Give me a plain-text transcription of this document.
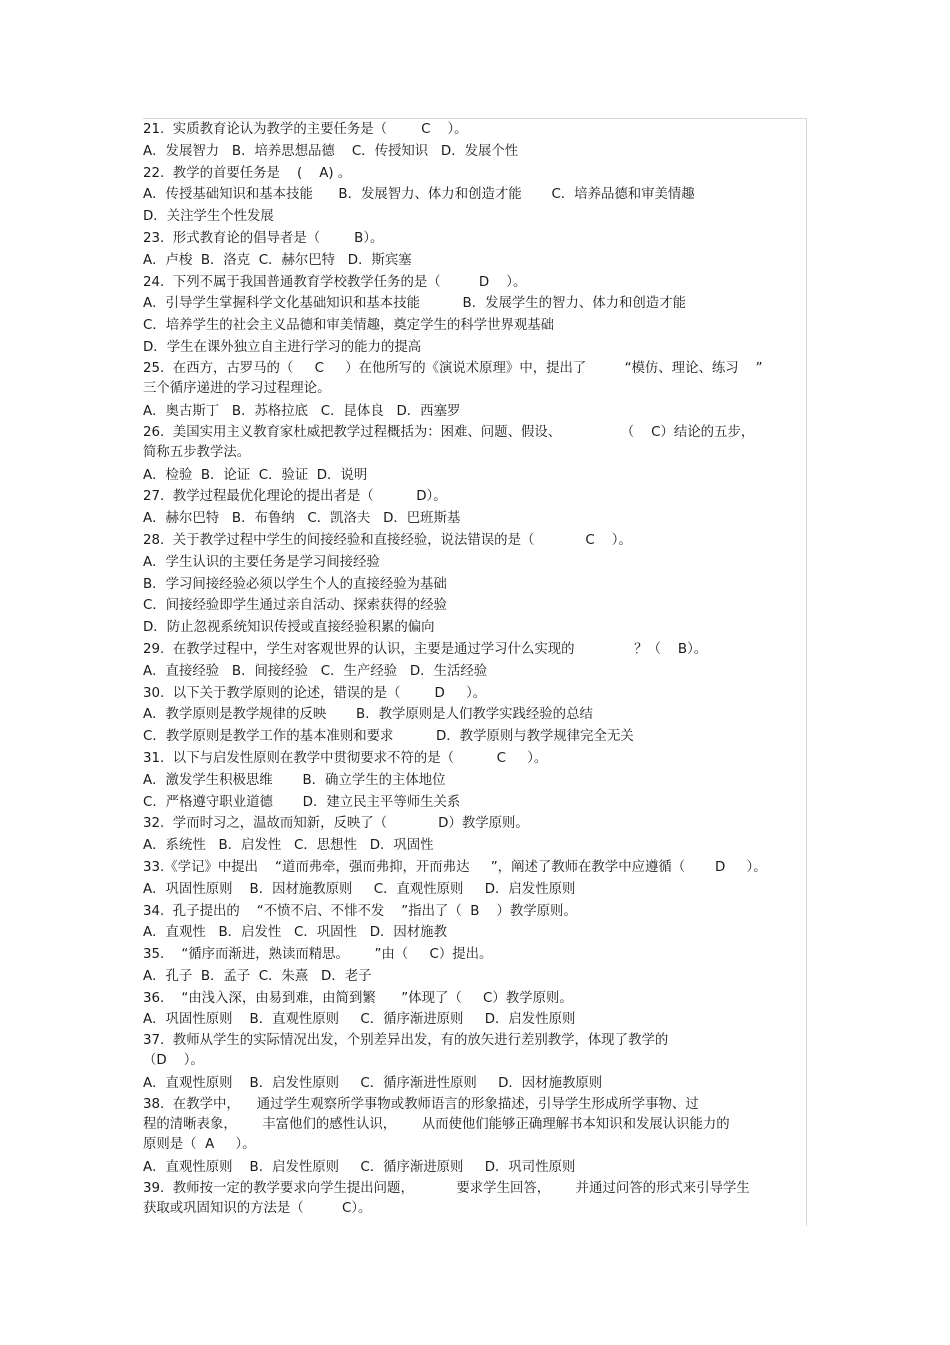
21.  实质教育论认为教学的主要任务是（        C    ）。
A．发展智力   B．培养思想品德    C．传授知识   D．发展个性
22.  教学的首要任务是    (    A) 。
A．传授基础知识和基本技能      B．发展智力、体力和创造才能       C．培养品德和审美情趣
D．关注学生个性发展
23.  形式教育论的倡导者是（        B）。
A．卢梭  B．洛克  C．赫尔巴特   D．斯宾塞
24.  下列不属于我国普通教育学校教学任务的是（         D    ）。
A．引导学生掌握科学文化基础知识和基本技能          B．发展学生的智力、体力和创造才能
C．培养学生的社会主义品德和审美情趣，奠定学生的科学世界观基础
D．学生在课外独立自主进行学习的能力的提高
25.  在西方，古罗马的（     C     ）在他所写的《演说术原理》中，提出了         “模仿、理论、练习    ”
三个循序递进的学习过程理论。
A．奥古斯丁   B．苏格拉底   C．昆体良   D．西塞罗
26.  美国实用主义教育家杜威把教学过程概括为：困难、问题、假设、              （    C）结论的五步，
简称五步教学法。
A．检验  B．论证  C．验证  D．说明
27.  教学过程最优化理论的提出者是（          D）。
A．赫尔巴特   B．布鲁纳   C．凯洛夫   D．巴班斯基
28.  关于教学过程中学生的间接经验和直接经验，说法错误的是（            C    ）。
A．学生认识的主要任务是学习间接经验
B．学习间接经验必须以学生个人的直接经验为基础
C．间接经验即学生通过亲自活动、探索获得的经验
D．防止忽视系统知识传授或直接经验积累的偏向
29.  在教学过程中，学生对客观世界的认识，主要是通过学习什么实现的              ？（    B）。
A．直接经验   B．间接经验   C．生产经验   D．生活经验
30.  以下关于教学原则的论述，错误的是（        D     ）。
A．教学原则是教学规律的反映       B．教学原则是人们教学实践经验的总结
C．教学原则是教学工作的基本准则和要求          D．教学原则与教学规律完全无关
31.  以下与启发性原则在教学中贯彻要求不符的是（          C     ）。
A．激发学生积极思维       B．确立学生的主体地位
C．严格遵守职业道德       D．建立民主平等师生关系
32.  学而时习之，温故而知新，反映了（            D）教学原则。
A．系统性   B．启发性   C．思想性   D．巩固性
33.《学记》中提出    “道而弗牵，强而弗抑，开而弗达     ”，阐述了教师在教学中应遵循（       D     ）。
A．巩固性原则    B．因材施教原则     C．直观性原则     D．启发性原则
34.  孔子提出的    “不愤不启、不悱不发    ”指出了（  B    ）教学原则。
A．直观性   B．启发性   C．巩固性   D．因材施教
35.    “循序而渐进，熟读而精思。      ”由（     C）提出。
A．孔子  B．孟子  C．朱熹   D．老子
36.    “由浅入深，由易到难，由简到繁      ”体现了（     C）教学原则。
A．巩固性原则    B．直观性原则     C．循序渐进原则     D．启发性原则
37.  教师从学生的实际情况出发，个别差异出发，有的放矢进行差别教学，体现了教学的
（D    ）。
A．直观性原则    B．启发性原则     C．循序渐进性原则     D．因材施教原则
38.  在教学中，    通过学生观察所学事物或教师语言的形象描述，引导学生形成所学事物、过
程的清晰表象，      丰富他们的感性认识，      从而使他们能够正确理解书本知识和发展认识能力的
原则是（  A     ）。
A．直观性原则    B．启发性原则     C．循序渐进原则     D．巩司性原则
39.  教师按一定的教学要求向学生提出问题，          要求学生回答，      并通过问答的形式来引导学生
获取或巩固知识的方法是（         C）。
